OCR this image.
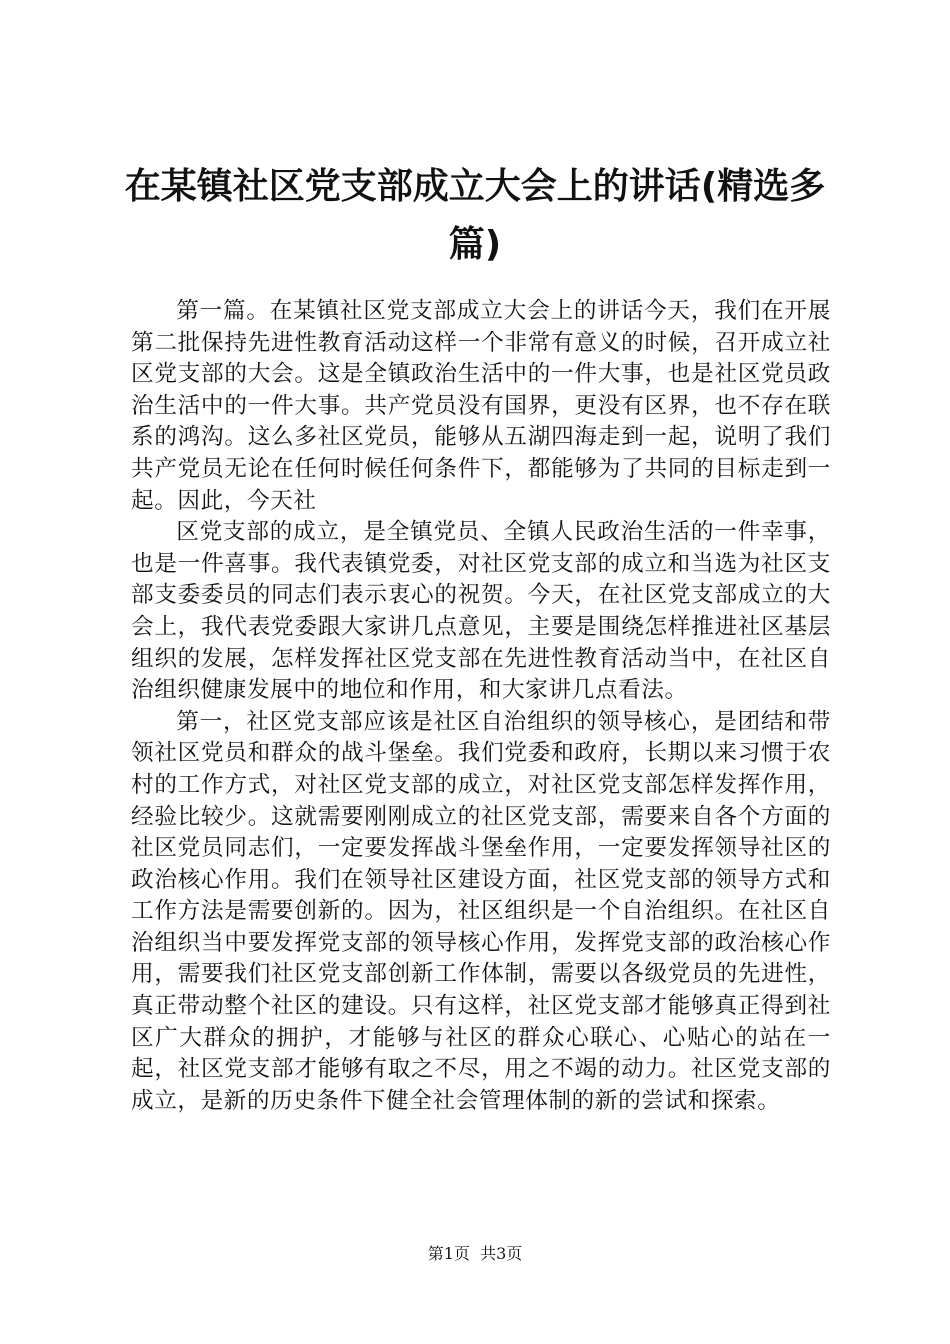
在某镇社区党支部成立大会上的讲话(精选多篇)

第一篇。在某镇社区党支部成立大会上的讲话今天，我们在开展第二批保持先进性教育活动这样一个非常有意义的时候，召开成立社区党支部的大会。这是全镇政治生活中的一件大事，也是社区党员政治生活中的一件大事。共产党员没有国界，更没有区界，也不存在联系的鸿沟。这么多社区党员，能够从五湖四海走到一起，说明了我们共产党员无论在任何时候任何条件下，都能够为了共同的目标走到一起。因此，今天社

区党支部的成立，是全镇党员、全镇人民政治生活的一件幸事，也是一件喜事。我代表镇党委，对社区党支部的成立和当选为社区支部支委委员的同志们表示衷心的祝贺。今天，在社区党支部成立的大会上，我代表党委跟大家讲几点意见，主要是围绕怎样推进社区基层组织的发展，怎样发挥社区党支部在先进性教育活动当中，在社区自治组织健康发展中的地位和作用，和大家讲几点看法。

第一，社区党支部应该是社区自治组织的领导核心，是团结和带领社区党员和群众的战斗堡垒。我们党委和政府，长期以来习惯于农村的工作方式，对社区党支部的成立，对社区党支部怎样发挥作用，经验比较少。这就需要刚刚成立的社区党支部，需要来自各个方面的社区党员同志们，一定要发挥战斗堡垒作用，一定要发挥领导社区的政治核心作用。我们在领导社区建设方面，社区党支部的领导方式和工作方法是需要创新的。因为，社区组织是一个自治组织。在社区自治组织当中要发挥党支部的领导核心作用，发挥党支部的政治核心作用，需要我们社区党支部创新工作体制，需要以各级党员的先进性，真正带动整个社区的建设。只有这样，社区党支部才能够真正得到社区广大群众的拥护，才能够与社区的群众心联心、心贴心的站在一起，社区党支部才能够有取之不尽，用之不竭的动力。社区党支部的成立，是新的历史条件下健全社会管理体制的新的尝试和探索。

第1页  共3页
